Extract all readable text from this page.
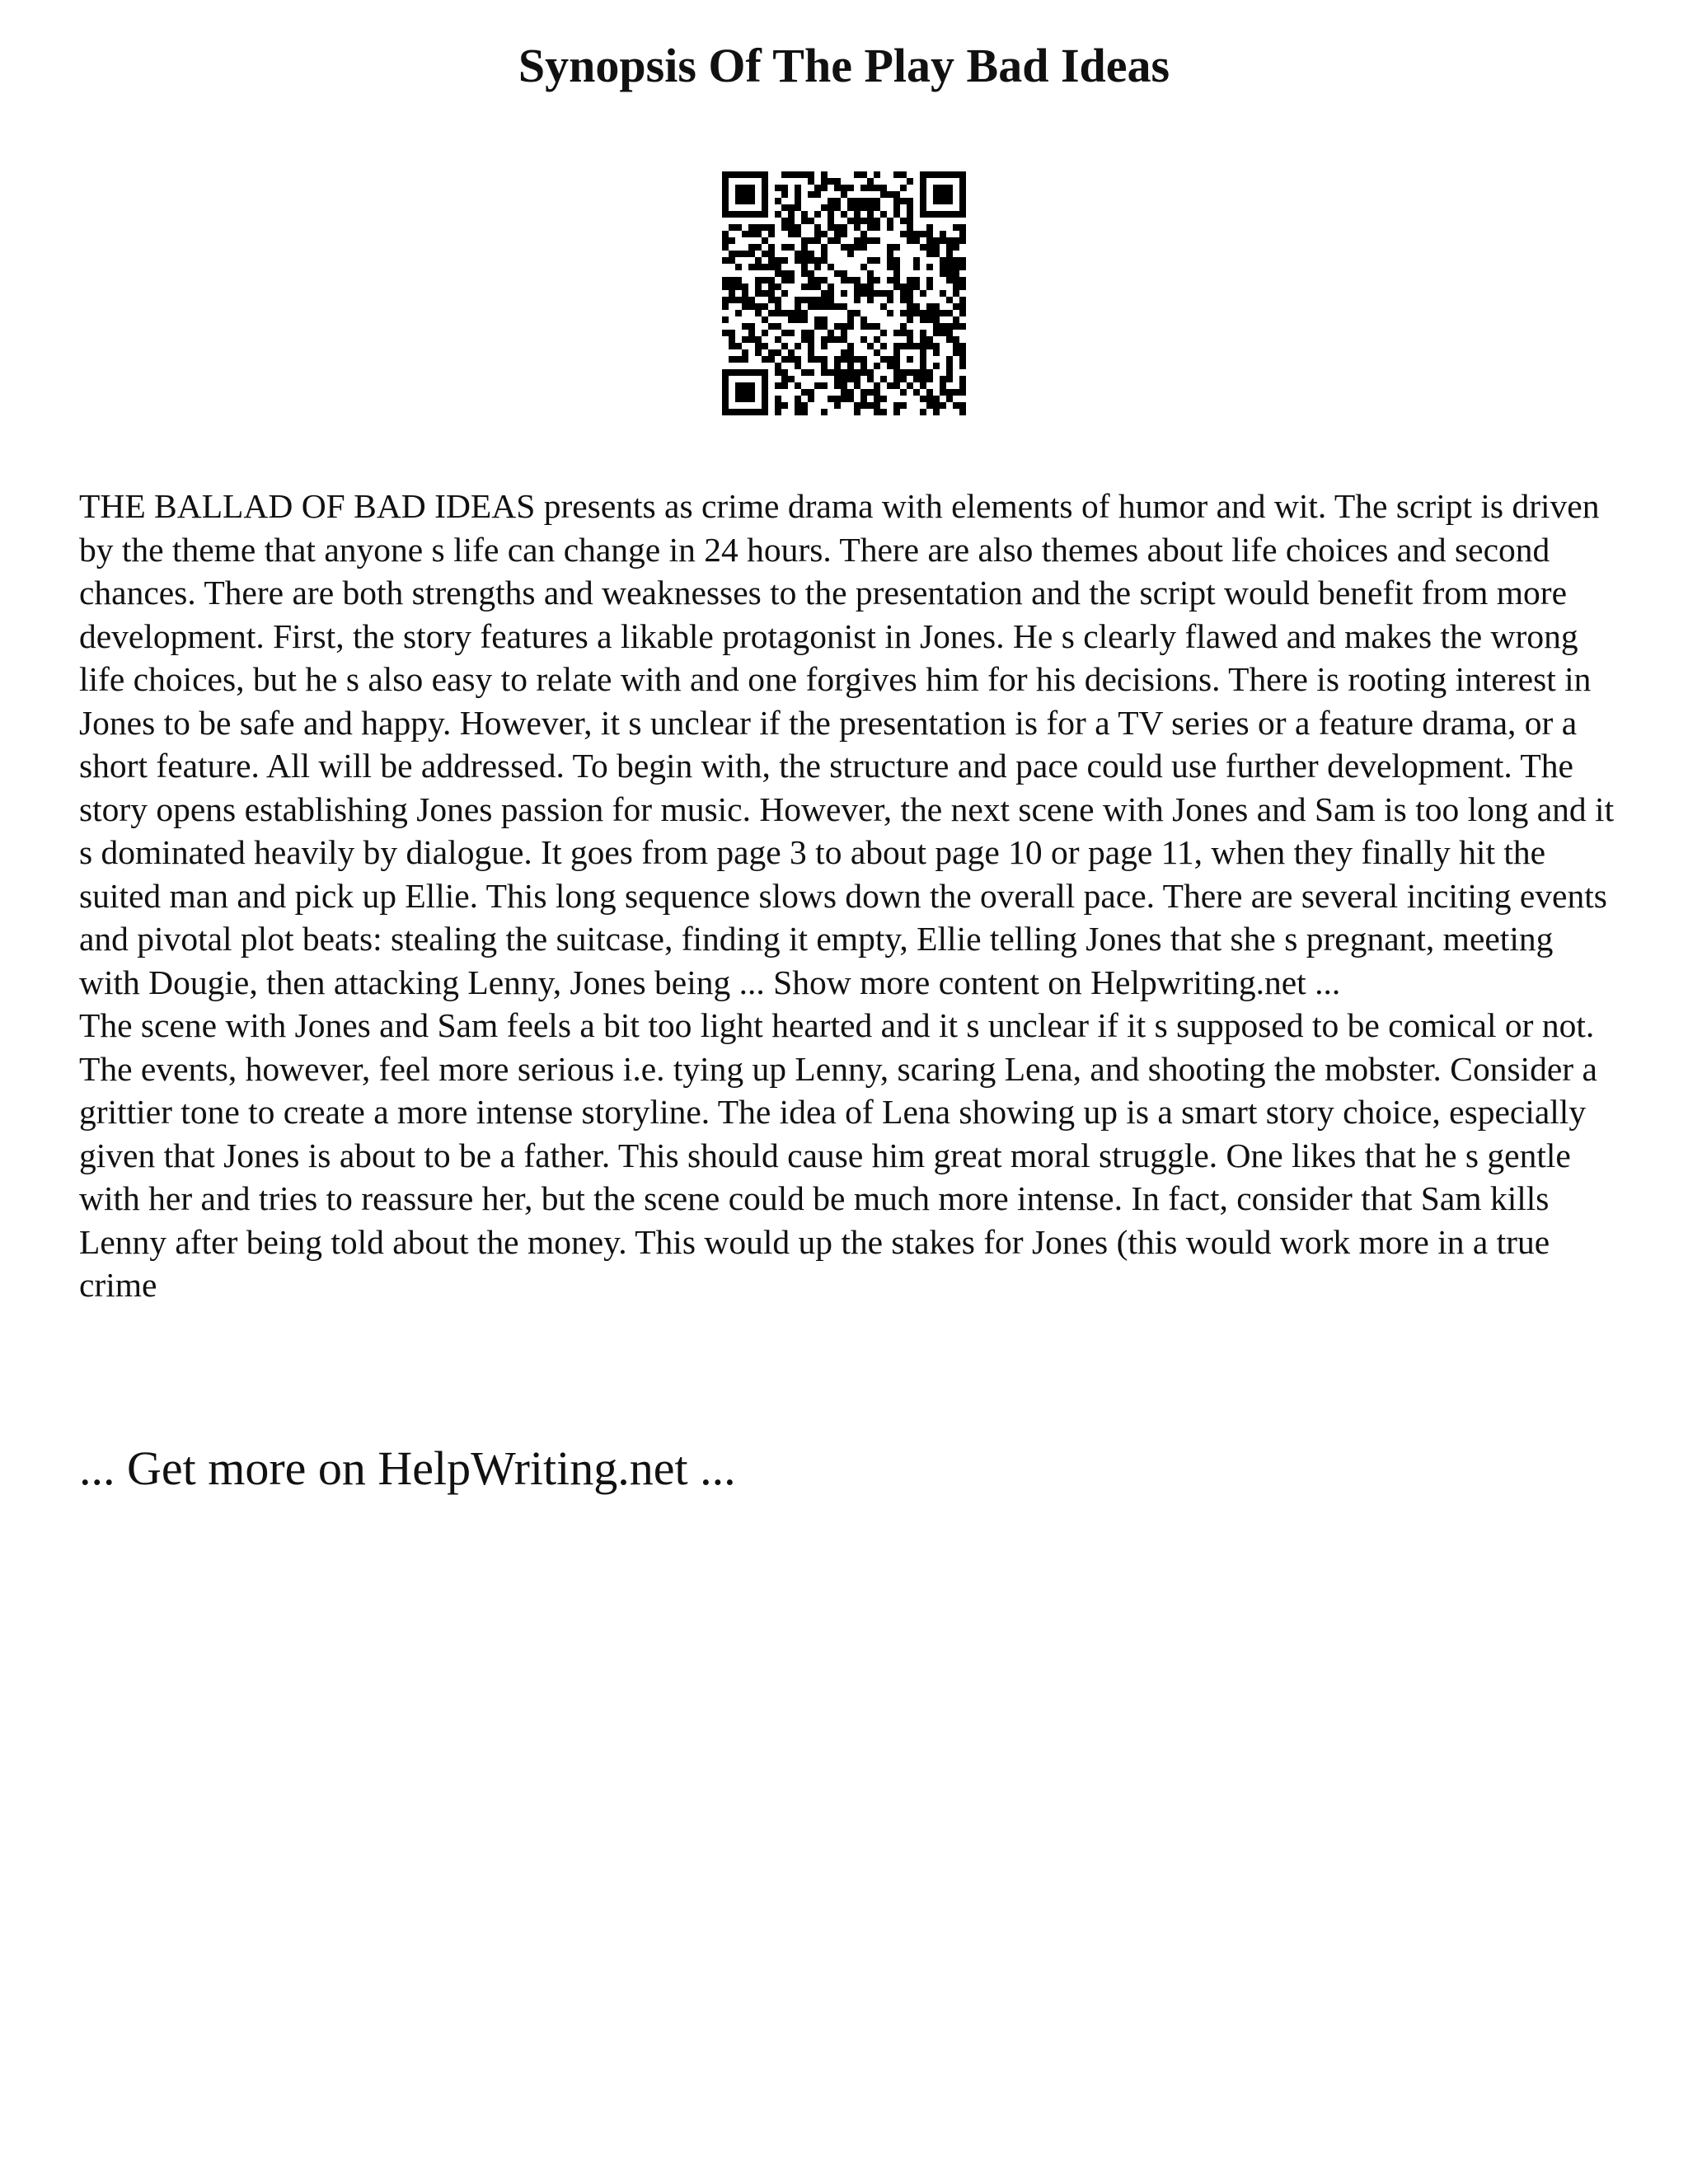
Synopsis Of The Play Bad Ideas

THE BALLAD OF BAD IDEAS presents as crime drama with elements of humor and wit. The script is driven by the theme that anyone s life can change in 24 hours. There are also themes about life choices and second chances. There are both strengths and weaknesses to the presentation and the script would benefit from more development. First, the story features a likable protagonist in Jones. He s clearly flawed and makes the wrong life choices, but he s also easy to relate with and one forgives him for his decisions. There is rooting interest in Jones to be safe and happy. However, it s unclear if the presentation is for a TV series or a feature drama, or a short feature. All will be addressed. To begin with, the structure and pace could use further development. The story opens establishing Jones passion for music. However, the next scene with Jones and Sam is too long and it s dominated heavily by dialogue. It goes from page 3 to about page 10 or page 11, when they finally hit the suited man and pick up Ellie. This long sequence slows down the overall pace. There are several inciting events and pivotal plot beats: stealing the suitcase, finding it empty, Ellie telling Jones that she s pregnant, meeting with Dougie, then attacking Lenny, Jones being ... Show more content on Helpwriting.net ...

The scene with Jones and Sam feels a bit too light hearted and it s unclear if it s supposed to be comical or not. The events, however, feel more serious i.e. tying up Lenny, scaring Lena, and shooting the mobster. Consider a grittier tone to create a more intense storyline. The idea of Lena showing up is a smart story choice, especially given that Jones is about to be a father. This should cause him great moral struggle. One likes that he s gentle with her and tries to reassure her, but the scene could be much more intense. In fact, consider that Sam kills Lenny after being told about the money. This would up the stakes for Jones (this would work more in a true crime

... Get more on HelpWriting.net ...
